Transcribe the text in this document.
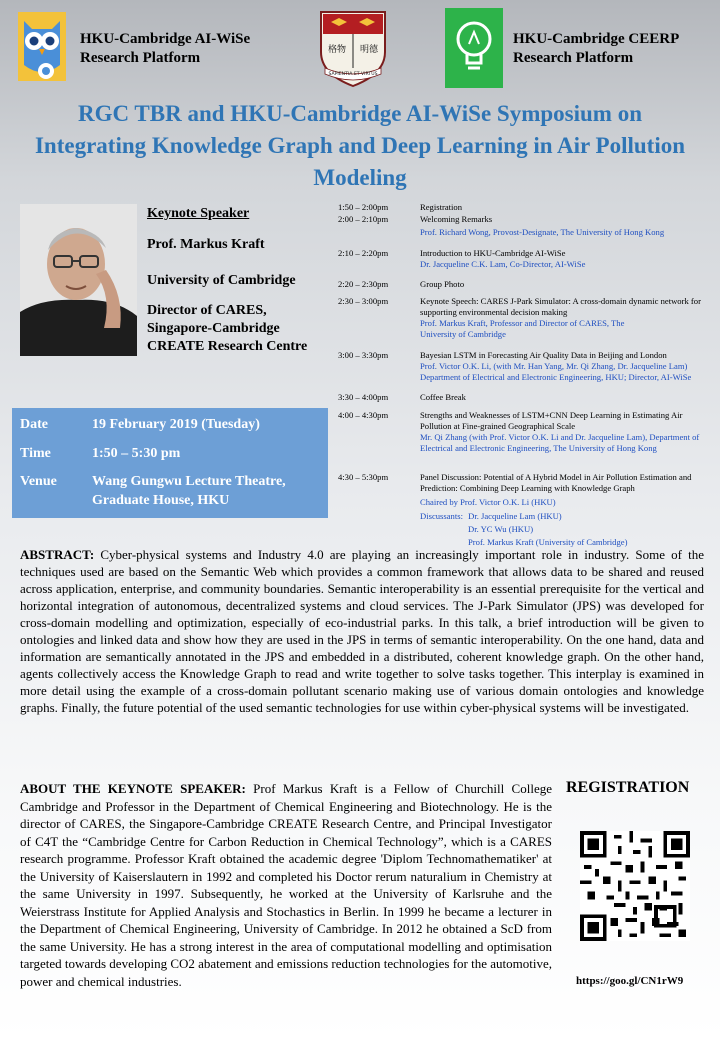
HKU-Cambridge AI-WiSe
Research Platform	格物 明德
SAPIENTIA ET VIRTUS
HKU-Cambridge CEERP
Research Platform
RGC TBR and HKU-Cambridge AI-WiSe Symposium on Integrating Knowledge Graph and Deep Learning in Air Pollution Modeling
Keynote Speaker
Prof. Markus Kraft
University of Cambridge
Director of CARES, Singapore-Cambridge CREATE Research Centre
Date	19 February 2019 (Tuesday)
Time	1:50 – 5:30 pm
Venue	Wang Gungwu Lecture Theatre, Graduate House, HKU
1:50 – 2:00pm	Registration
2:00 – 2:10pm	Welcoming Remarks
Prof. Richard Wong, Provost-Designate, The University of Hong Kong
2:10 – 2:20pm	Introduction to HKU-Cambridge AI-WiSe
Dr. Jacqueline C.K. Lam, Co-Director, AI-WiSe
2:20 – 2:30pm	Group Photo
2:30 – 3:00pm	Keynote Speech: CARES J-Park Simulator: A cross-domain dynamic network for supporting environmental decision making
Prof. Markus Kraft, Professor and Director of CARES, The University of Cambridge
3:00 – 3:30pm	Bayesian LSTM in Forecasting Air Quality Data in Beijing and London
Prof. Victor O.K. Li, (with Mr. Han Yang, Mr. Qi Zhang, Dr. Jacqueline Lam) Department of Electrical and Electronic Engineering, HKU; Director, AI-WiSe
3:30 – 4:00pm	Coffee Break
4:00 – 4:30pm	Strengths and Weaknesses of LSTM+CNN Deep Learning in Estimating Air Pollution at Fine-grained Geographical Scale
Mr. Qi Zhang (with Prof. Victor O.K. Li and Dr. Jacqueline Lam), Department of Electrical and Electronic Engineering, The University of Hong Kong
4:30 – 5:30pm	Panel Discussion: Potential of A Hybrid Model in Air Pollution Estimation and Prediction: Combining Deep Learning with Knowledge Graph
Chaired by Prof. Victor O.K. Li (HKU)
Discussants: Dr. Jacqueline Lam (HKU)
Dr. YC Wu (HKU)
Prof. Markus Kraft (University of Cambridge)
ABSTRACT: Cyber-physical systems and Industry 4.0 are playing an increasingly important role in industry. Some of the techniques used are based on the Semantic Web which provides a common framework that allows data to be shared and reused across application, enterprise, and community boundaries. Semantic interoperability is an essential prerequisite for the vertical and horizontal integration of autonomous, decentralized systems and cloud services. The J-Park Simulator (JPS) was developed for cross-domain modelling and optimization, especially of eco-industrial parks. In this talk, a brief introduction will be given to ontologies and linked data and show how they are used in the JPS in terms of semantic interoperability. On the one hand, data and information are semantically annotated in the JPS and embedded in a distributed, coherent knowledge graph. On the other hand, agents collectively access the Knowledge Graph to read and write together to solve tasks together. This interplay is examined in more detail using the example of a cross-domain pollutant scenario making use of various domain ontologies and knowledge graphs. Finally, the future potential of the used semantic technologies for use within cyber-physical systems will be investigated.
ABOUT THE KEYNOTE SPEAKER: Prof Markus Kraft is a Fellow of Churchill College Cambridge and Professor in the Department of Chemical Engineering and Biotechnology. He is the director of CARES, the Singapore-Cambridge CREATE Research Centre, and Principal Investigator of C4T the “Cambridge Centre for Carbon Reduction in Chemical Technology”, which is a CARES research programme. Professor Kraft obtained the academic degree 'Diplom Technomathematiker' at the University of Kaiserslautern in 1992 and completed his Doctor rerum naturalium in Chemistry at the same University in 1997. Subsequently, he worked at the University of Karlsruhe and the Weierstrass Institute for Applied Analysis and Stochastics in Berlin. In 1999 he became a lecturer in the Department of Chemical Engineering, University of Cambridge. In 2012 he obtained a ScD from the same University. He has a strong interest in the area of computational modelling and optimisation targeted towards developing CO2 abatement and emissions reduction technologies for the automotive, power and chemical industries.
REGISTRATION
https://goo.gl/CN1rW9
